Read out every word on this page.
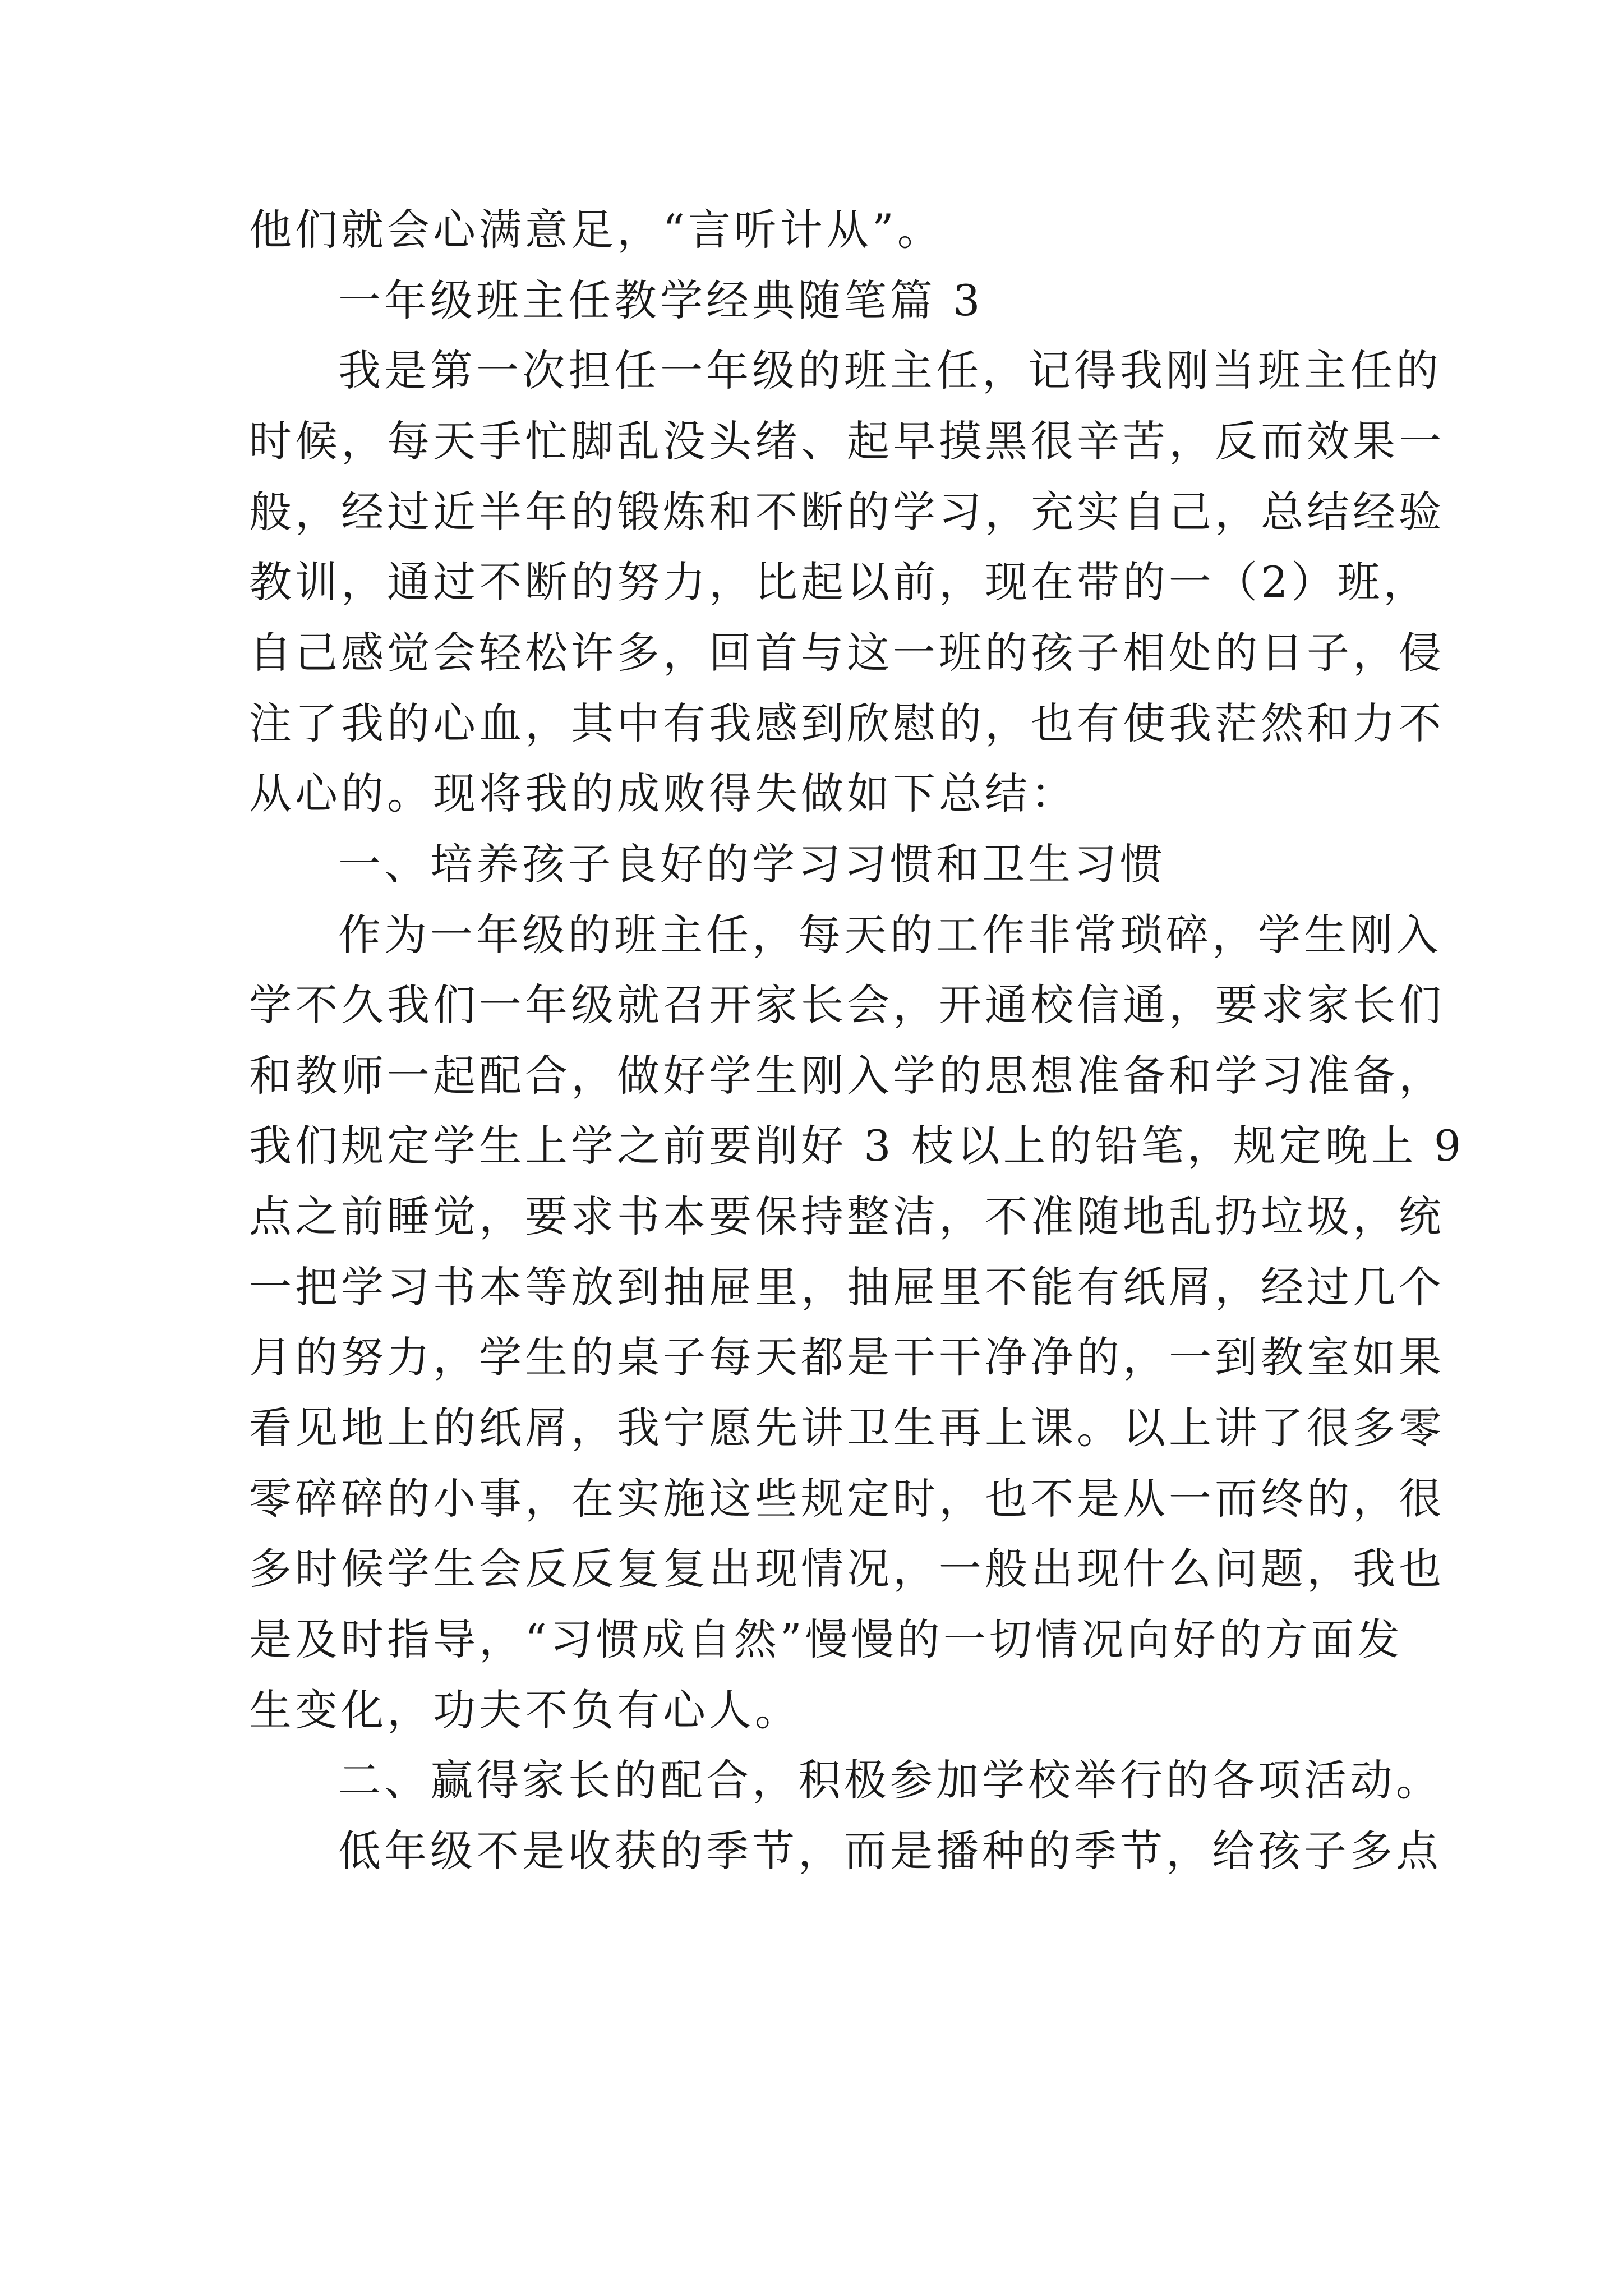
他们就会心满意足，“言听计从”。
一年级班主任教学经典随笔篇 3
我是第一次担任一年级的班主任，记得我刚当班主任的
时候，每天手忙脚乱没头绪、起早摸黑很辛苦，反而效果一
般，经过近半年的锻炼和不断的学习，充实自己，总结经验
教训，通过不断的努力，比起以前，现在带的一（2）班，
自己感觉会轻松许多，回首与这一班的孩子相处的日子，侵
注了我的心血，其中有我感到欣慰的，也有使我茫然和力不
从心的。现将我的成败得失做如下总结：
一、培养孩子良好的学习习惯和卫生习惯
作为一年级的班主任，每天的工作非常琐碎，学生刚入
学不久我们一年级就召开家长会，开通校信通，要求家长们
和教师一起配合，做好学生刚入学的思想准备和学习准备，
我们规定学生上学之前要削好 3 枝以上的铅笔，规定晚上 9
点之前睡觉，要求书本要保持整洁，不准随地乱扔垃圾，统
一把学习书本等放到抽屉里，抽屉里不能有纸屑，经过几个
月的努力，学生的桌子每天都是干干净净的，一到教室如果
看见地上的纸屑，我宁愿先讲卫生再上课。以上讲了很多零
零碎碎的小事，在实施这些规定时，也不是从一而终的，很
多时候学生会反反复复出现情况，一般出现什么问题，我也
是及时指导，“习惯成自然”慢慢的一切情况向好的方面发
生变化，功夫不负有心人。
二、赢得家长的配合，积极参加学校举行的各项活动。
低年级不是收获的季节，而是播种的季节，给孩子多点
